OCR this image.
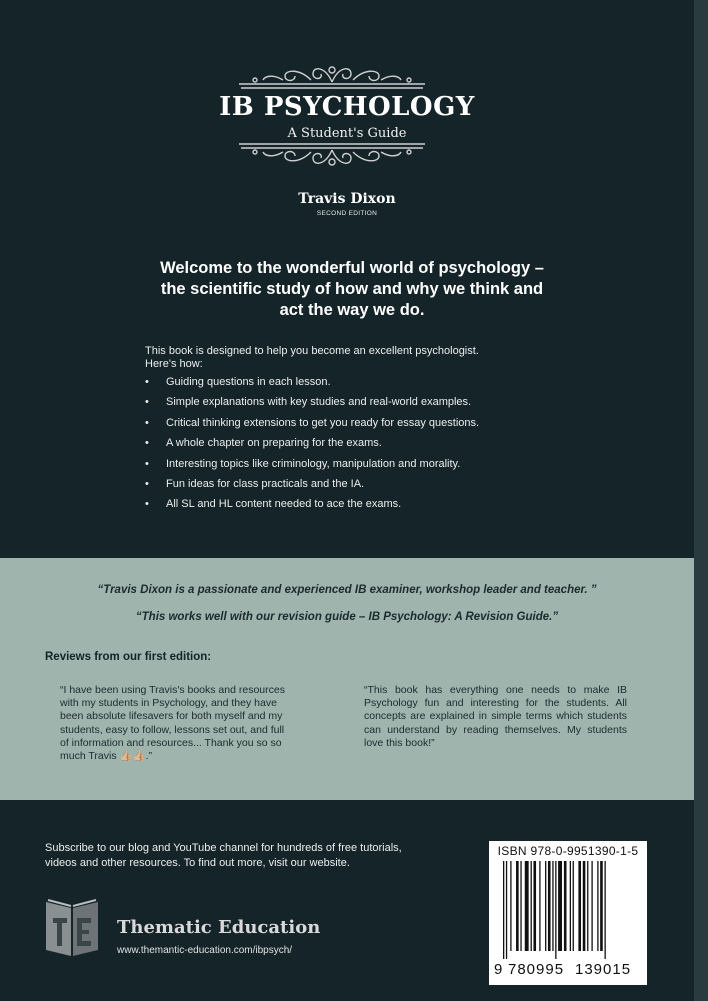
IB PSYCHOLOGY
A Student's Guide
Travis Dixon
SECOND EDITION
Welcome to the wonderful world of psychology –
the scientific study of how and why we think and
act the way we do.
This book is designed to help you become an excellent psychologist.
Here's how:
• Guiding questions in each lesson.
• Simple explanations with key studies and real-world examples.
• Critical thinking extensions to get you ready for essay questions.
• A whole chapter on preparing for the exams.
• Interesting topics like criminology, manipulation and morality.
• Fun ideas for class practicals and the IA.
• All SL and HL content needed to ace the exams.
“Travis Dixon is a passionate and experienced IB examiner, workshop leader and teacher. ”
“This works well with our revision guide – IB Psychology: A Revision Guide.”
Reviews from our first edition:
“I have been using Travis's books and resources
with my students in Psychology, and they have
been absolute lifesavers for both myself and my
students, easy to follow, lessons set out, and full
of information and resources... Thank you so so
much Travis 👍🏼👍🏼.”
“This book has everything one needs to make IB Psychology fun and interesting for the students. All concepts are explained in simple terms which students can understand by reading themselves. My students love this book!”
Subscribe to our blog and YouTube channel for hundreds of free tutorials,
videos and other resources. To find out more, visit our website.
Thematic Education
www.themantic-education.com/ibpsych/
ISBN 978-0-9951390-1-5
9 780995 139015
